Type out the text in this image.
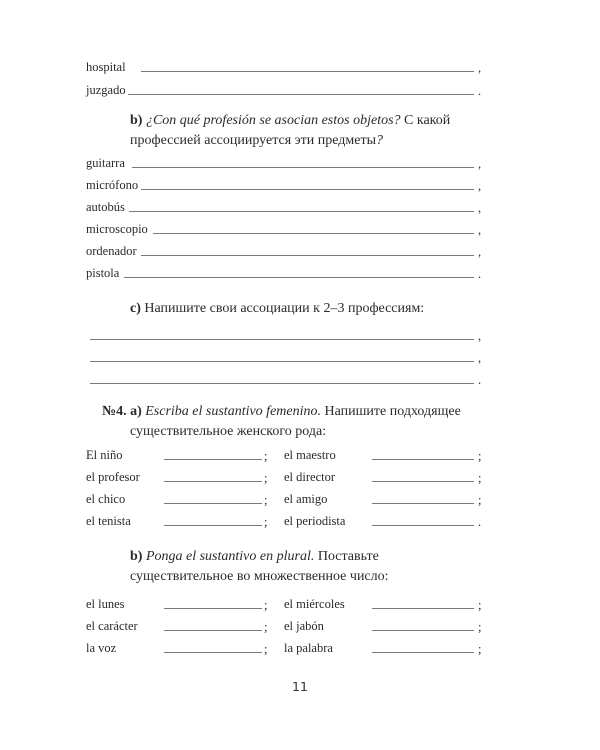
hospital	,
juzgado	.
b) ¿Con qué profesión se asocian estos objetos? С какой
профессией ассоциируется эти предметы?
guitarra	,
micrófono	,
autobús	,
microscopio	,
ordenador	,
pistola	.
c) Напишите свои ассоциации к 2–3 профессиям:
,
,
.
№4. a) Escriba el sustantivo femenino. Напишите подходящее
существительное женского рода:
El niño	; el maestro	;
el profesor	; el director	;
el chico	; el amigo	;
el tenista	; el periodista	.
b) Ponga el sustantivo en plural. Поставьте
существительное во множественное число:
el lunes	; el miércoles	;
el carácter	; el jabón	;
la voz	; la palabra	;
11
